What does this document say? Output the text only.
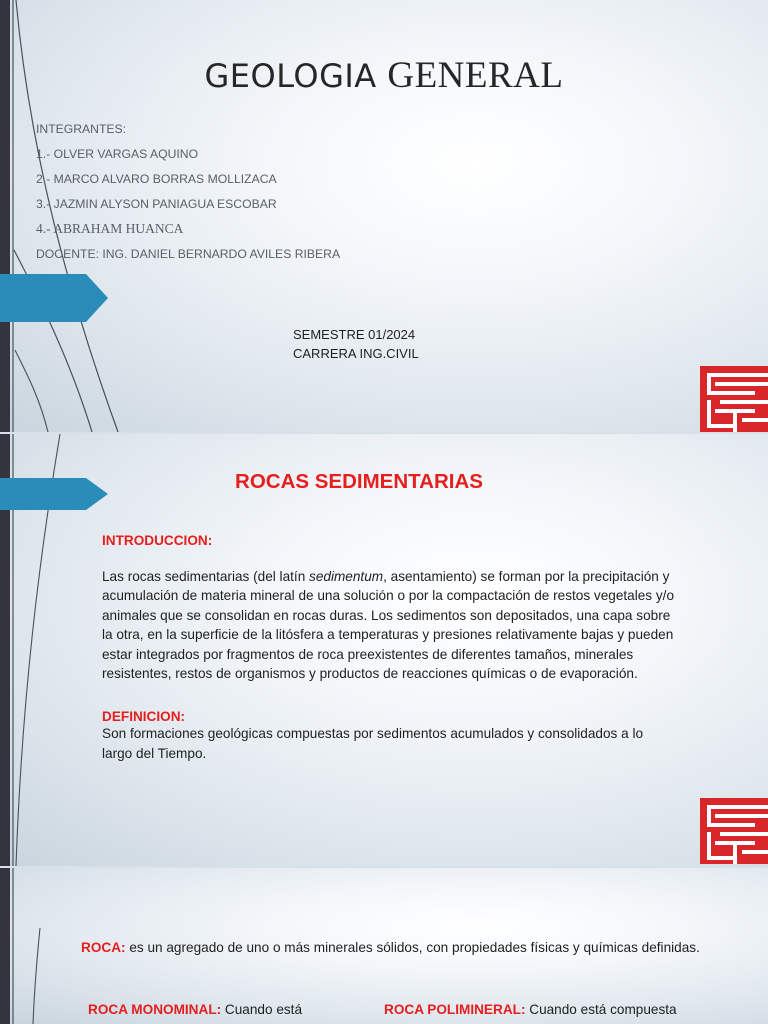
GEOLOGIA GENERAL
INTEGRANTES:
1.- OLVER VARGAS AQUINO
2.- MARCO ALVARO BORRAS MOLLIZACA
3.- JAZMIN ALYSON PANIAGUA ESCOBAR
4.- ABRAHAM HUANCA
DOCENTE: ING. DANIEL BERNARDO AVILES RIBERA
SEMESTRE 01/2024
CARRERA ING.CIVIL
ROCAS SEDIMENTARIAS
INTRODUCCION:
Las rocas sedimentarias (del latín sedimentum, asentamiento) se forman por la precipitación y acumulación de materia mineral de una solución o por la compactación de restos vegetales y/o animales que se consolidan en rocas duras. Los sedimentos son depositados, una capa sobre la otra, en la superficie de la litósfera a temperaturas y presiones relativamente bajas y pueden estar integrados por fragmentos de roca preexistentes de diferentes tamaños, minerales resistentes, restos de organismos y productos de reacciones químicas o de evaporación.
DEFINICION:
Son formaciones geológicas compuestas por sedimentos acumulados y consolidados a lo largo del Tiempo.
ROCA: es un agregado de uno o más minerales sólidos, con propiedades físicas y químicas definidas.
ROCA MONOMINAL: Cuando está	ROCA POLIMINERAL: Cuando está compuesta
